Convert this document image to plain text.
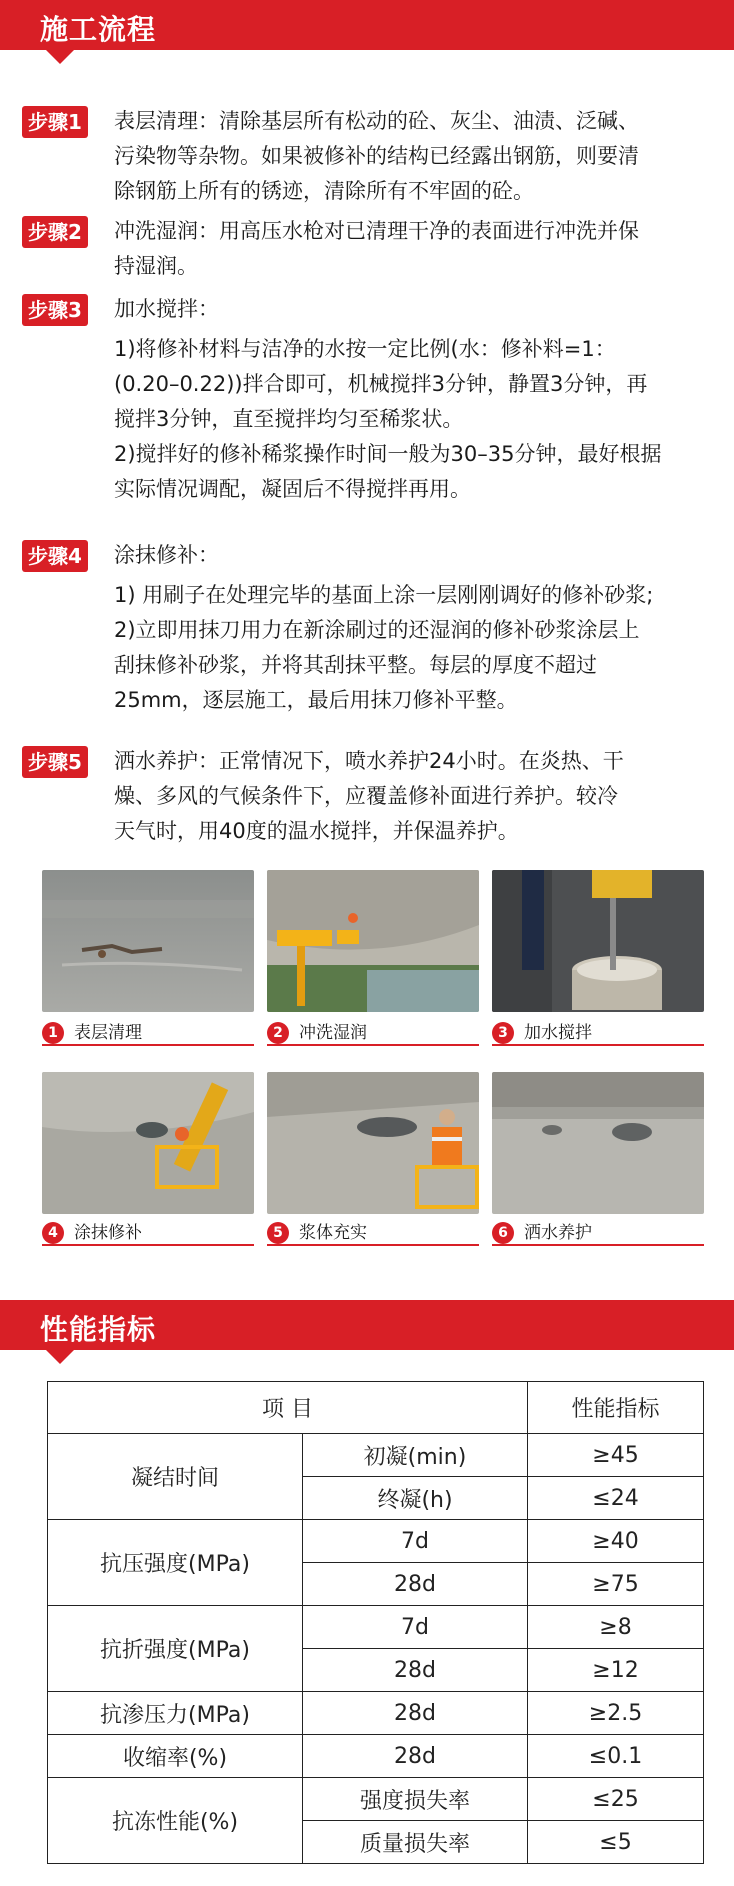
施工流程
步骤1 表层清理：清除基层所有松动的砼、灰尘、油渍、泛碱、

污染物等杂物。如果被修补的结构已经露出钢筋，则要清

除钢筋上所有的锈迹，清除所有不牢固的砼。

步骤2 冲洗湿润：用高压水枪对已清理干净的表面进行冲洗并保

持湿润。

步骤3 加水搅拌：

1)将修补材料与洁净的水按一定比例(水：修补料=1：

(0.20–0.22))拌合即可，机械搅拌3分钟，静置3分钟，再

搅拌3分钟，直至搅拌均匀至稀浆状。

2)搅拌好的修补稀浆操作时间一般为30–35分钟，最好根据

实际情况调配，凝固后不得搅拌再用。

步骤4 涂抹修补：

1) 用刷子在处理完毕的基面上涂一层刚刚调好的修补砂浆;

2)立即用抹刀用力在新涂刷过的还湿润的修补砂浆涂层上

刮抹修补砂浆，并将其刮抹平整。每层的厚度不超过

25mm，逐层施工，最后用抹刀修补平整。

步骤5 洒水养护：正常情况下，喷水养护24小时。在炎热、干

燥、多风的气候条件下，应覆盖修补面进行养护。较冷

天气时，用40度的温水搅拌，并保温养护。

1 表层清理	2 冲洗湿润	3 加水搅拌
4 涂抹修补	5 浆体充实	6 洒水养护
性能指标
项 目		性能指标
凝结时间	初凝(min)	≥45
	终凝(h)	≤24
抗压强度(MPa)	7d	≥40
	28d	≥75
抗折强度(MPa)	7d	≥8
	28d	≥12
抗渗压力(MPa)	28d	≥2.5
收缩率(%)	28d	≤0.1
抗冻性能(%)	强度损失率	≤25
	质量损失率	≤5
